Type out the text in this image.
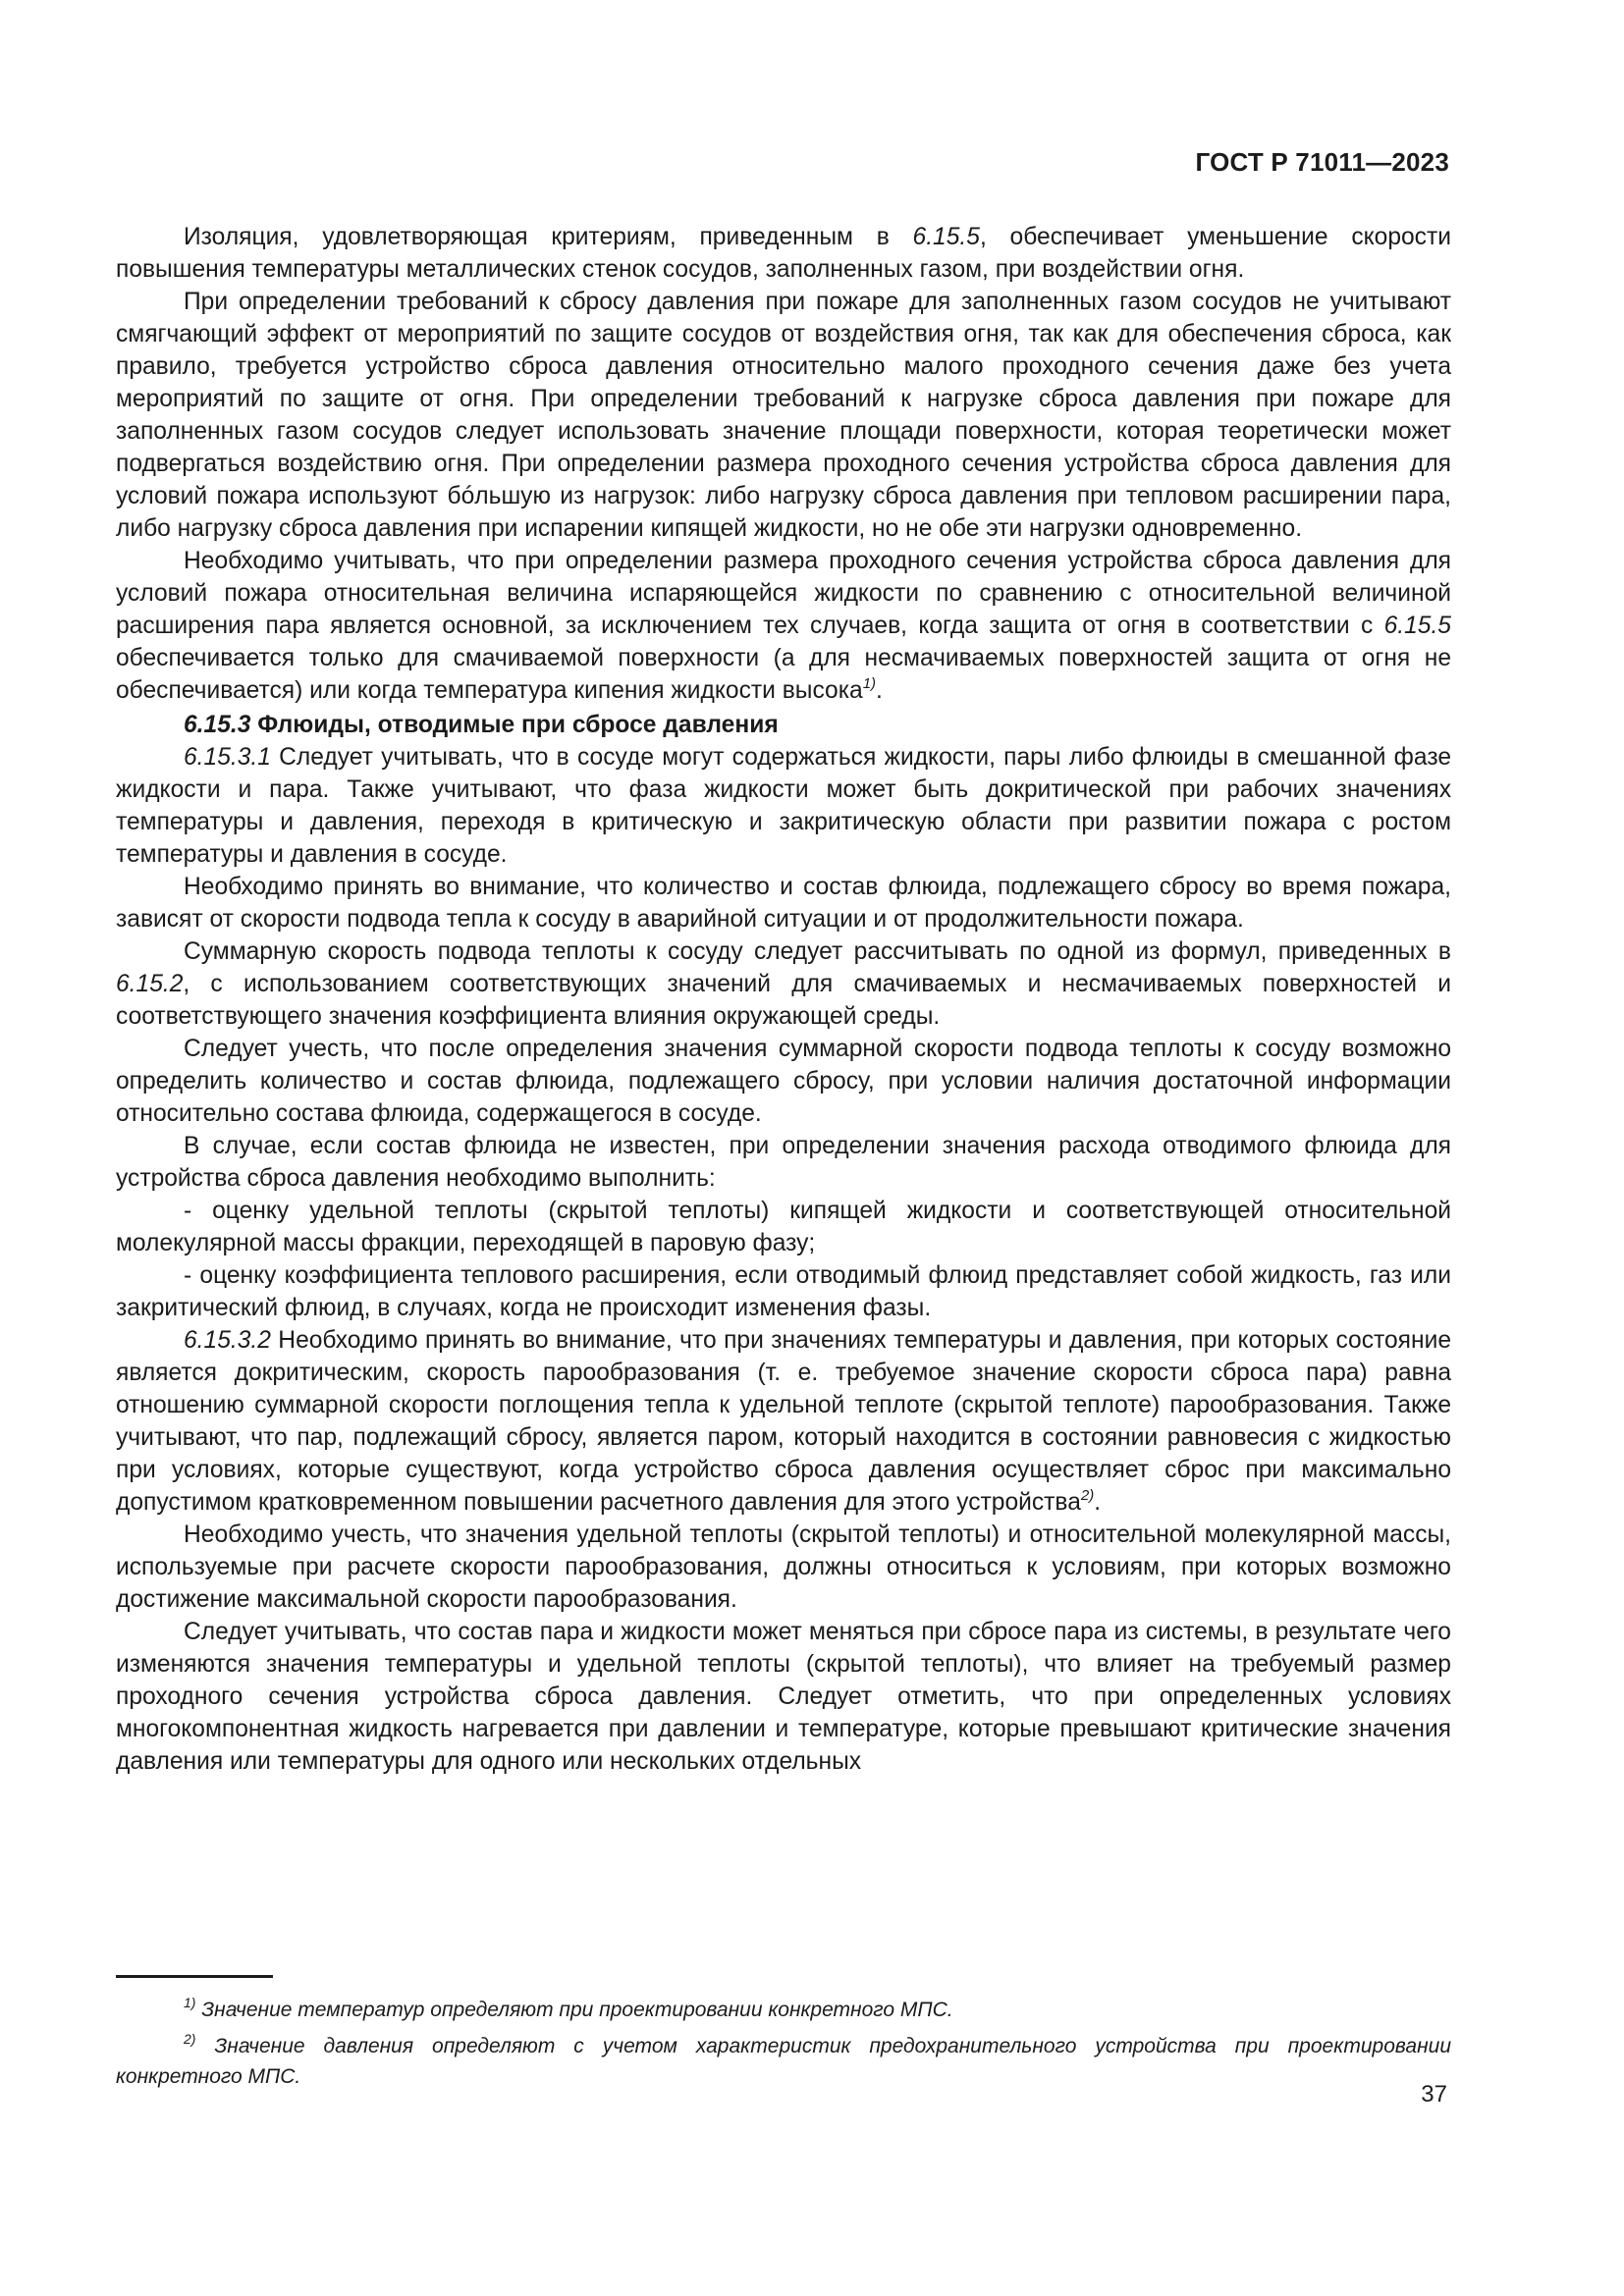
ГОСТ Р 71011—2023

Изоляция, удовлетворяющая критериям, приведенным в 6.15.5, обеспечивает уменьшение скорости повышения температуры металлических стенок сосудов, заполненных газом, при воздействии огня.

При определении требований к сбросу давления при пожаре для заполненных газом сосудов не учитывают смягчающий эффект от мероприятий по защите сосудов от воздействия огня, так как для обеспечения сброса, как правило, требуется устройство сброса давления относительно малого проходного сечения даже без учета мероприятий по защите от огня. При определении требований к нагрузке сброса давления при пожаре для заполненных газом сосудов следует использовать значение площади поверхности, которая теоретически может подвергаться воздействию огня. При определении размера проходного сечения устройства сброса давления для условий пожара используют бóльшую из нагрузок: либо нагрузку сброса давления при тепловом расширении пара, либо нагрузку сброса давления при испарении кипящей жидкости, но не обе эти нагрузки одновременно.

Необходимо учитывать, что при определении размера проходного сечения устройства сброса давления для условий пожара относительная величина испаряющейся жидкости по сравнению с относительной величиной расширения пара является основной, за исключением тех случаев, когда защита от огня в соответствии с 6.15.5 обеспечивается только для смачиваемой поверхности (а для несмачиваемых поверхностей защита от огня не обеспечивается) или когда температура кипения жидкости высока$^{1)}$.

6.15.3 Флюиды, отводимые при сбросе давления

6.15.3.1 Следует учитывать, что в сосуде могут содержаться жидкости, пары либо флюиды в смешанной фазе жидкости и пара. Также учитывают, что фаза жидкости может быть докритической при рабочих значениях температуры и давления, переходя в критическую и закритическую области при развитии пожара с ростом температуры и давления в сосуде.

Необходимо принять во внимание, что количество и состав флюида, подлежащего сбросу во время пожара, зависят от скорости подвода тепла к сосуду в аварийной ситуации и от продолжительности пожара.

Суммарную скорость подвода теплоты к сосуду следует рассчитывать по одной из формул, приведенных в 6.15.2, с использованием соответствующих значений для смачиваемых и несмачиваемых поверхностей и соответствующего значения коэффициента влияния окружающей среды.

Следует учесть, что после определения значения суммарной скорости подвода теплоты к сосуду возможно определить количество и состав флюида, подлежащего сбросу, при условии наличия достаточной информации относительно состава флюида, содержащегося в сосуде.

В случае, если состав флюида не известен, при определении значения расхода отводимого флюида для устройства сброса давления необходимо выполнить:

- оценку удельной теплоты (скрытой теплоты) кипящей жидкости и соответствующей относительной молекулярной массы фракции, переходящей в паровую фазу;

- оценку коэффициента теплового расширения, если отводимый флюид представляет собой жидкость, газ или закритический флюид, в случаях, когда не происходит изменения фазы.

6.15.3.2 Необходимо принять во внимание, что при значениях температуры и давления, при которых состояние является докритическим, скорость парообразования (т. е. требуемое значение скорости сброса пара) равна отношению суммарной скорости поглощения тепла к удельной теплоте (скрытой теплоте) парообразования. Также учитывают, что пар, подлежащий сбросу, является паром, который находится в состоянии равновесия с жидкостью при условиях, которые существуют, когда устройство сброса давления осуществляет сброс при максимально допустимом кратковременном повышении расчетного давления для этого устройства$^{2)}$.

Необходимо учесть, что значения удельной теплоты (скрытой теплоты) и относительной молекулярной массы, используемые при расчете скорости парообразования, должны относиться к условиям, при которых возможно достижение максимальной скорости парообразования.

Следует учитывать, что состав пара и жидкости может меняться при сбросе пара из системы, в результате чего изменяются значения температуры и удельной теплоты (скрытой теплоты), что влияет на требуемый размер проходного сечения устройства сброса давления. Следует отметить, что при определенных условиях многокомпонентная жидкость нагревается при давлении и температуре, которые превышают критические значения давления или температуры для одного или нескольких отдельных

$^{1)}$ Значение температур определяют при проектировании конкретного МПС.

$^{2)}$ Значение давления определяют с учетом характеристик предохранительного устройства при проектировании конкретного МПС.

37
